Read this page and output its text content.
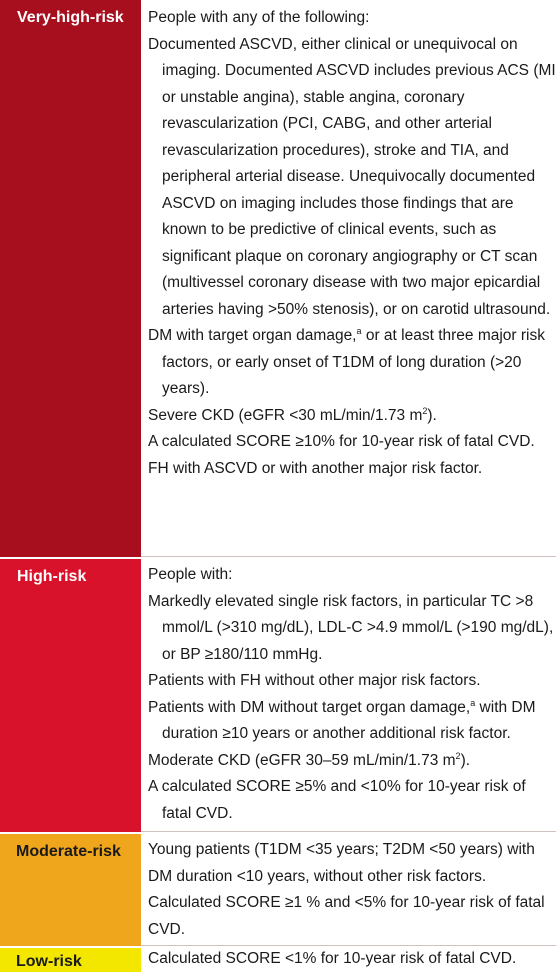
Very-high-risk	People with any of the following:
Documented ASCVD, either clinical or unequivocal on imaging. Documented ASCVD includes previous ACS (MI or unstable angina), stable angina, coronary revascularization (PCI, CABG, and other arterial revascularization procedures), stroke and TIA, and peripheral arterial disease. Unequivocally documented ASCVD on imaging includes those findings that are known to be predictive of clinical events, such as significant plaque on coronary angiography or CT scan (multivessel coronary disease with two major epicardial arteries having >50% stenosis), or on carotid ultrasound.
DM with target organ damage,$^a$ or at least three major risk factors, or early onset of T1DM of long duration (>20 years).
Severe CKD (eGFR <30 mL/min/1.73 $m^2$).
A calculated SCORE ≥10% for 10-year risk of fatal CVD.
FH with ASCVD or with another major risk factor.
High-risk	People with:
Markedly elevated single risk factors, in particular TC >8 mmol/L (>310 mg/dL), LDL-C >4.9 mmol/L (>190 mg/dL), or BP ≥180/110 mmHg.
Patients with FH without other major risk factors.
Patients with DM without target organ damage,$^a$ with DM duration ≥10 years or another additional risk factor.
Moderate CKD (eGFR 30–59 mL/min/1.73 $m^2$).
A calculated SCORE ≥5% and <10% for 10-year risk of fatal CVD.
Moderate-risk	Young patients (T1DM <35 years; T2DM <50 years) with DM duration <10 years, without other risk factors. Calculated SCORE ≥1 % and <5% for 10-year risk of fatal CVD.
Low-risk	Calculated SCORE <1% for 10-year risk of fatal CVD.
